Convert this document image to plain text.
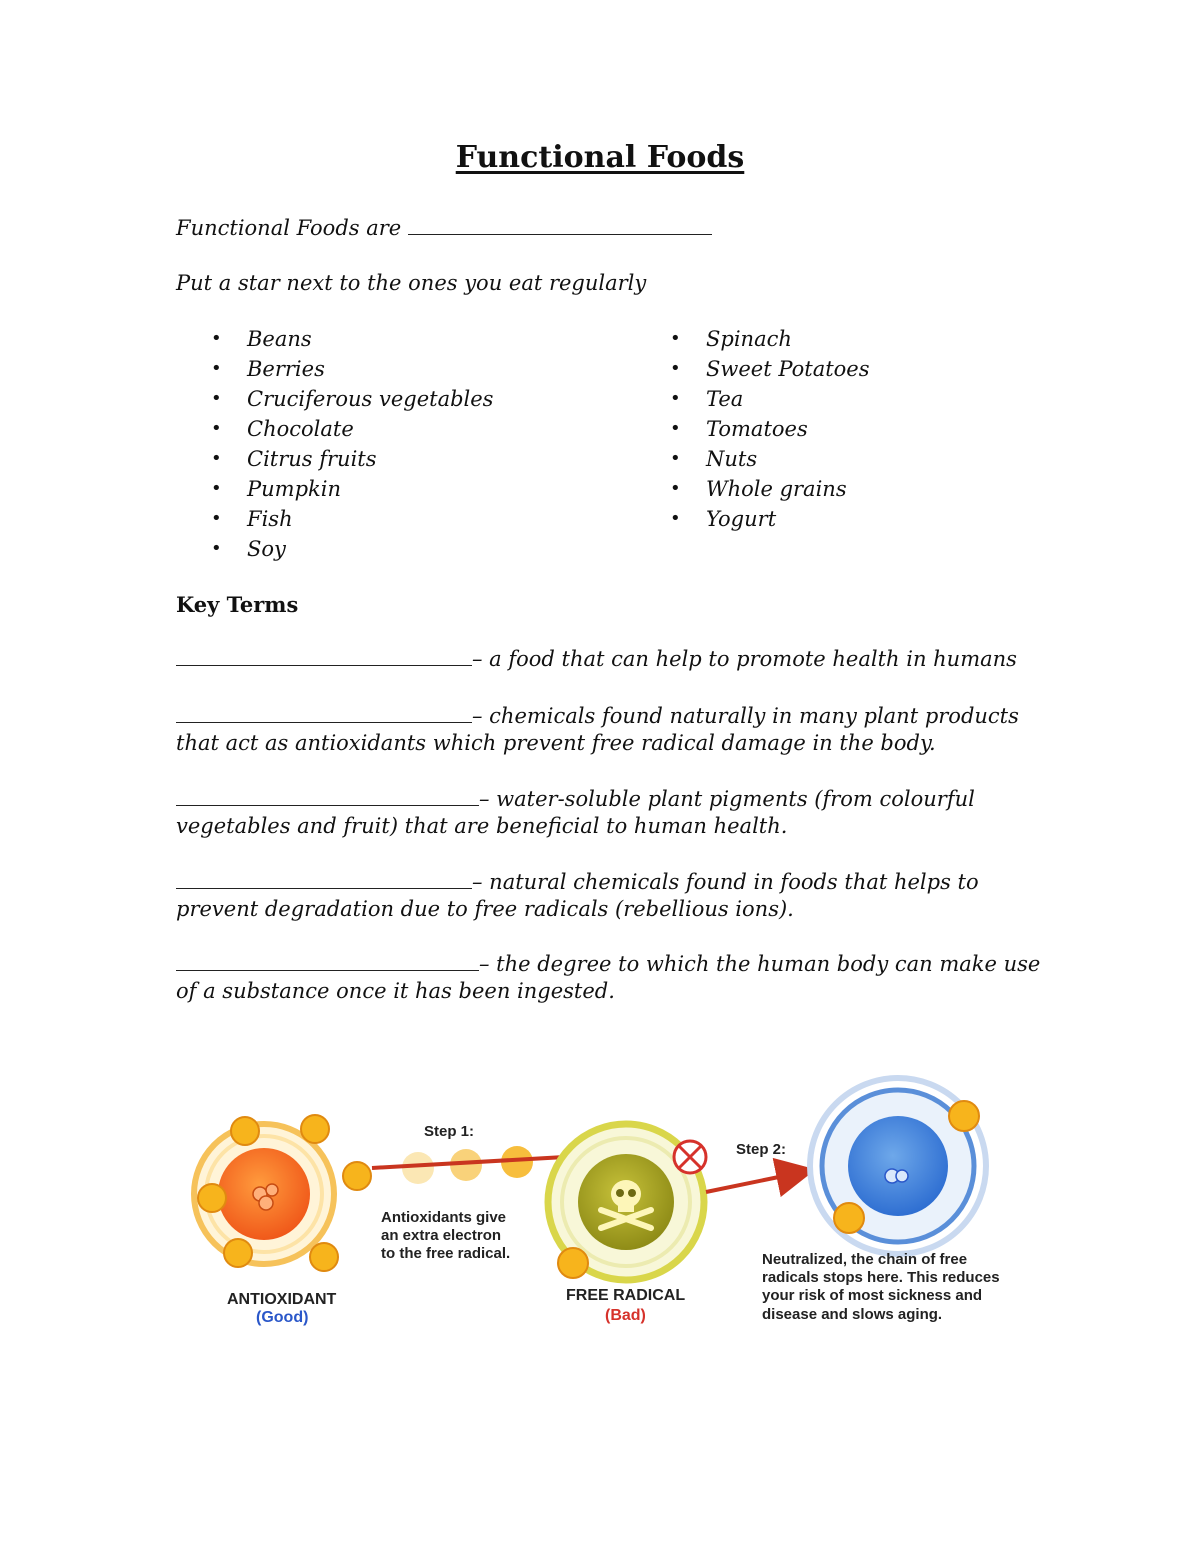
Functional Foods
Functional Foods are
Put a star next to the ones you eat regularly
• Beans
• Berries
• Cruciferous vegetables
• Chocolate
• Citrus fruits
• Pumpkin
• Fish
• Soy
• Spinach
• Sweet Potatoes
• Tea
• Tomatoes
• Nuts
• Whole grains
• Yogurt
Key Terms
– a food that can help to promote health in humans
– chemicals found naturally in many plant products that act as antioxidants which prevent free radical damage in the body.
– water-soluble plant pigments (from colourful vegetables and fruit) that are beneficial to human health.
– natural chemicals found in foods that helps to prevent degradation due to free radicals (rebellious ions).
– the degree to which the human body can make use of a substance once it has been ingested.
Step 1:
Antioxidants give
an extra electron
to the free radical.
Step 2:
Neutralized, the chain of free
radicals stops here. This reduces
your risk of most sickness and
disease and slows aging.
ANTIOXIDANT
(Good)
FREE RADICAL
(Bad)
